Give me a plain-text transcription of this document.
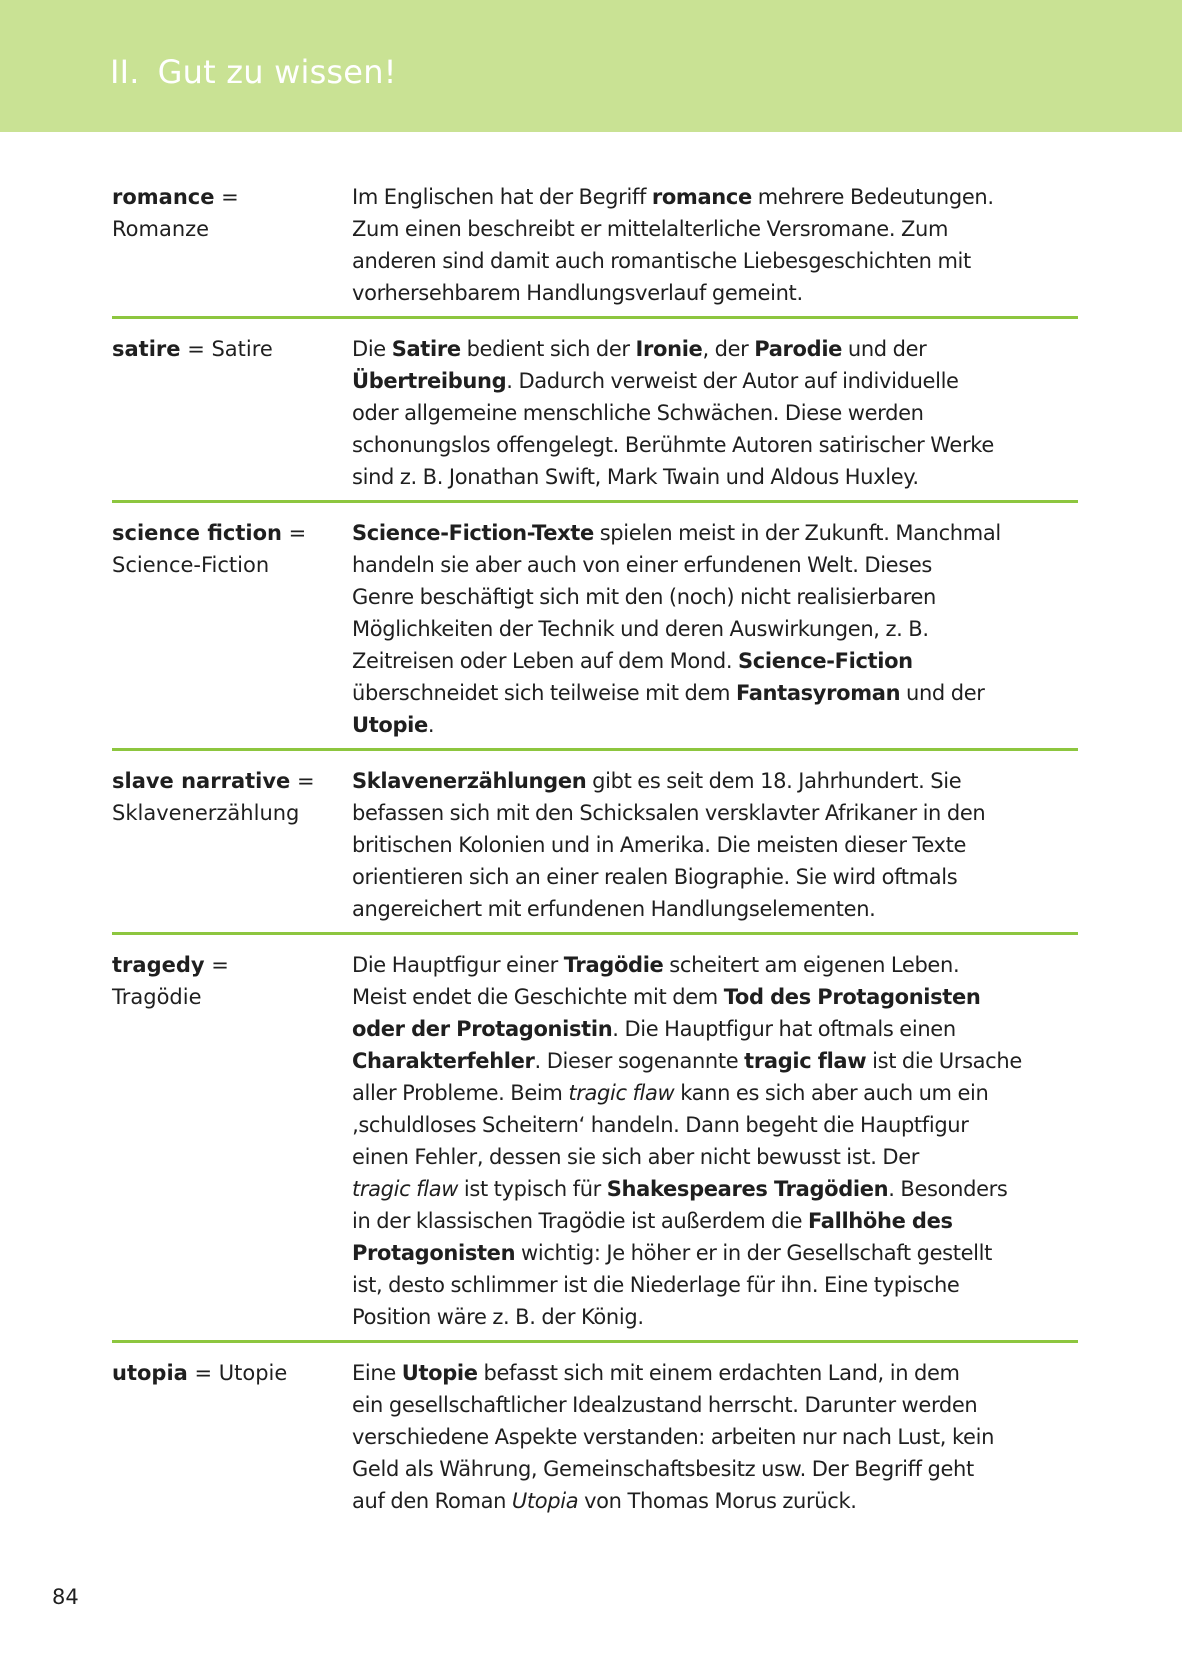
II. Gut zu wissen!
romance =
Romanze
Im Englischen hat der Begriff romance mehrere Bedeutungen.
Zum einen beschreibt er mittelalterliche Versromane. Zum
anderen sind damit auch romantische Liebesgeschichten mit
vorhersehbarem Handlungsverlauf gemeint.
satire = Satire	Die Satire bedient sich der Ironie, der Parodie und der
Übertreibung. Dadurch verweist der Autor auf individuelle
oder allgemeine menschliche Schwächen. Diese werden
schonungslos offengelegt. Berühmte Autoren satirischer Werke
sind z. B. Jonathan Swift, Mark Twain und Aldous Huxley.
science fiction =
Science-Fiction
Science-Fiction-Texte spielen meist in der Zukunft. Manchmal
handeln sie aber auch von einer erfundenen Welt. Dieses
Genre beschäftigt sich mit den (noch) nicht realisierbaren
Möglichkeiten der Technik und deren Auswirkungen, z. B.
Zeitreisen oder Leben auf dem Mond. Science-Fiction
überschneidet sich teilweise mit dem Fantasyroman und der
Utopie.
slave narrative =
Sklavenerzählung
Sklavenerzählungen gibt es seit dem 18. Jahrhundert. Sie
befassen sich mit den Schicksalen versklavter Afrikaner in den
britischen Kolonien und in Amerika. Die meisten dieser Texte
orientieren sich an einer realen Biographie. Sie wird oftmals
angereichert mit erfundenen Handlungselementen.
tragedy =
Tragödie
Die Hauptfigur einer Tragödie scheitert am eigenen Leben.
Meist endet die Geschichte mit dem Tod des Protagonisten
oder der Protagonistin. Die Hauptfigur hat oftmals einen
Charakterfehler. Dieser sogenannte tragic flaw ist die Ursache
aller Probleme. Beim tragic flaw kann es sich aber auch um ein
‚schuldloses Scheitern‘ handeln. Dann begeht die Hauptfigur
einen Fehler, dessen sie sich aber nicht bewusst ist. Der
tragic flaw ist typisch für Shakespeares Tragödien. Besonders
in der klassischen Tragödie ist außerdem die Fallhöhe des
Protagonisten wichtig: Je höher er in der Gesellschaft gestellt
ist, desto schlimmer ist die Niederlage für ihn. Eine typische
Position wäre z. B. der König.
utopia = Utopie	Eine Utopie befasst sich mit einem erdachten Land, in dem
ein gesellschaftlicher Idealzustand herrscht. Darunter werden
verschiedene Aspekte verstanden: arbeiten nur nach Lust, kein
Geld als Währung, Gemeinschaftsbesitz usw. Der Begriff geht
auf den Roman Utopia von Thomas Morus zurück.
84
